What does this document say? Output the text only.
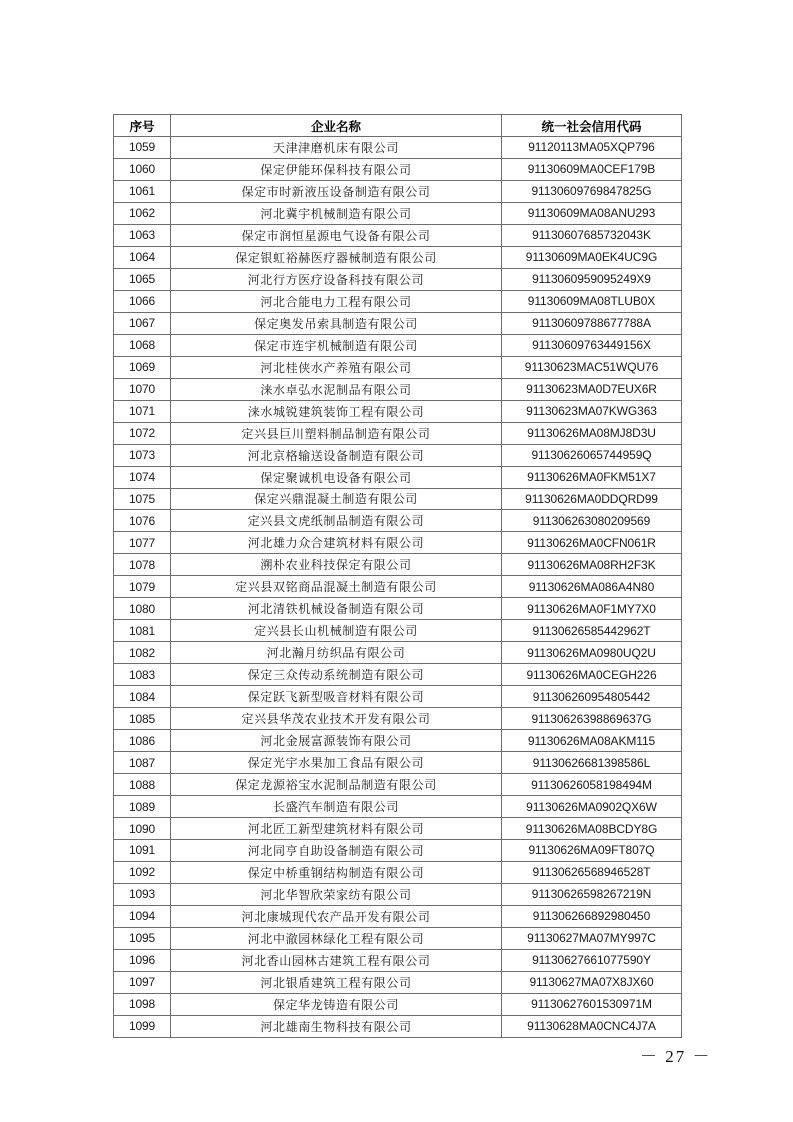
序号	企业名称	统一社会信用代码
1059	天津津磨机床有限公司	91120113MA05XQP796
1060	保定伊能环保科技有限公司	91130609MA0CEF179B
1061	保定市时新液压设备制造有限公司	91130609769847825G
1062	河北冀宇机械制造有限公司	91130609MA08ANU293
1063	保定市润恒星源电气设备有限公司	91130607685732043K
1064	保定银虹裕赫医疗器械制造有限公司	91130609MA0EK4UC9G
1065	河北行方医疗设备科技有限公司	9113060959095249X9
1066	河北合能电力工程有限公司	91130609MA08TLUB0X
1067	保定奥发吊索具制造有限公司	91130609788677788A
1068	保定市连宇机械制造有限公司	91130609763449156X
1069	河北桂侠水产养殖有限公司	91130623MAC51WQU76
1070	涞水卓弘水泥制品有限公司	91130623MA0D7EUX6R
1071	涞水城锐建筑装饰工程有限公司	91130623MA07KWG363
1072	定兴县巨川塑料制品制造有限公司	91130626MA08MJ8D3U
1073	河北京格输送设备制造有限公司	91130626065744959Q
1074	保定聚诚机电设备有限公司	91130626MA0FKM51X7
1075	保定兴鼎混凝土制造有限公司	91130626MA0DDQRD99
1076	定兴县文虎纸制品制造有限公司	911306263080209569
1077	河北雄力众合建筑材料有限公司	91130626MA0CFN061R
1078	溯朴农业科技保定有限公司	91130626MA08RH2F3K
1079	定兴县双铭商品混凝土制造有限公司	91130626MA086A4N80
1080	河北清铁机械设备制造有限公司	91130626MA0F1MY7X0
1081	定兴县长山机械制造有限公司	91130626585442962T
1082	河北瀚月纺织品有限公司	91130626MA0980UQ2U
1083	保定三众传动系统制造有限公司	91130626MA0CEGH226
1084	保定跃飞新型吸音材料有限公司	911306260954805442
1085	定兴县华茂农业技术开发有限公司	91130626398869637G
1086	河北金展富源装饰有限公司	91130626MA08AKM115
1087	保定光宇水果加工食品有限公司	91130626681398586L
1088	保定龙源裕宝水泥制品制造有限公司	91130626058198494M
1089	长盛汽车制造有限公司	91130626MA0902QX6W
1090	河北匠工新型建筑材料有限公司	91130626MA08BCDY8G
1091	河北同亨自助设备制造有限公司	91130626MA09FT807Q
1092	保定中桥重钢结构制造有限公司	91130626568946528T
1093	河北华智欣荣家纺有限公司	91130626598267219N
1094	河北康城现代农产品开发有限公司	911306266892980450
1095	河北中澈园林绿化工程有限公司	91130627MA07MY997C
1096	河北香山园林古建筑工程有限公司	91130627661077590Y
1097	河北银盾建筑工程有限公司	91130627MA07X8JX60
1098	保定华龙铸造有限公司	91130627601530971M
1099	河北雄南生物科技有限公司	91130628MA0CNC4J7A
－ 27 －
